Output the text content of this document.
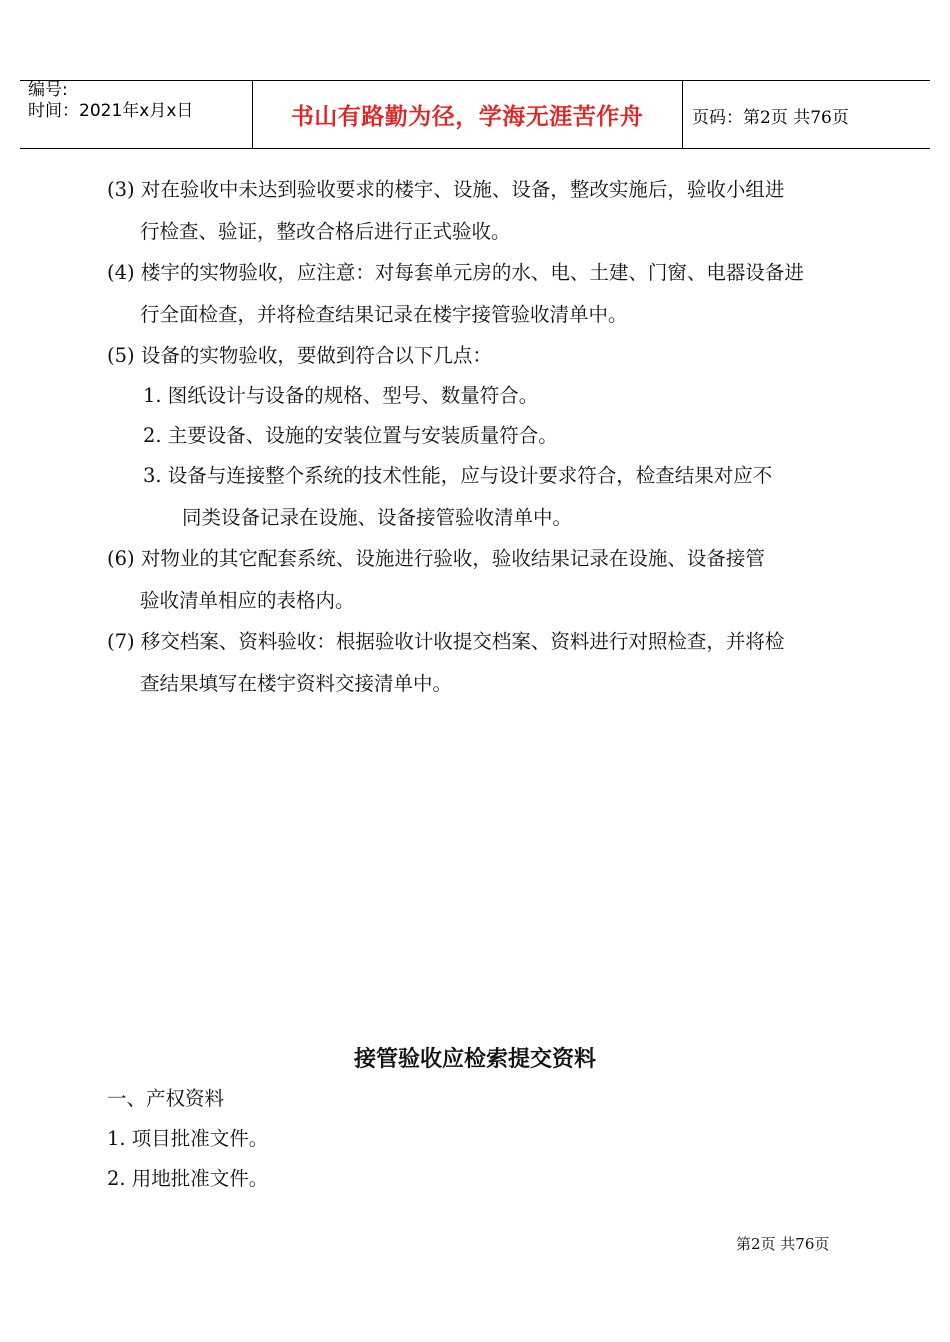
编号:
时间：2021年x月x日	书山有路勤为径，学海无涯苦作舟	页码：第2页 共76页
(3) 对在验收中未达到验收要求的楼宇、设施、设备，整改实施后，验收小组进
行检查、验证，整改合格后进行正式验收。
(4) 楼宇的实物验收，应注意：对每套单元房的水、电、土建、门窗、电器设备进
行全面检查，并将检查结果记录在楼宇接管验收清单中。
(5) 设备的实物验收，要做到符合以下几点：
1. 图纸设计与设备的规格、型号、数量符合。
2. 主要设备、设施的安装位置与安装质量符合。
3. 设备与连接整个系统的技术性能，应与设计要求符合，检查结果对应不
同类设备记录在设施、设备接管验收清单中。
(6) 对物业的其它配套系统、设施进行验收，验收结果记录在设施、设备接管
验收清单相应的表格内。
(7) 移交档案、资料验收：根据验收计收提交档案、资料进行对照检查，并将检
查结果填写在楼宇资料交接清单中。
接管验收应检索提交资料
一、产权资料
1. 项目批准文件。
2. 用地批准文件。
第2页 共76页
